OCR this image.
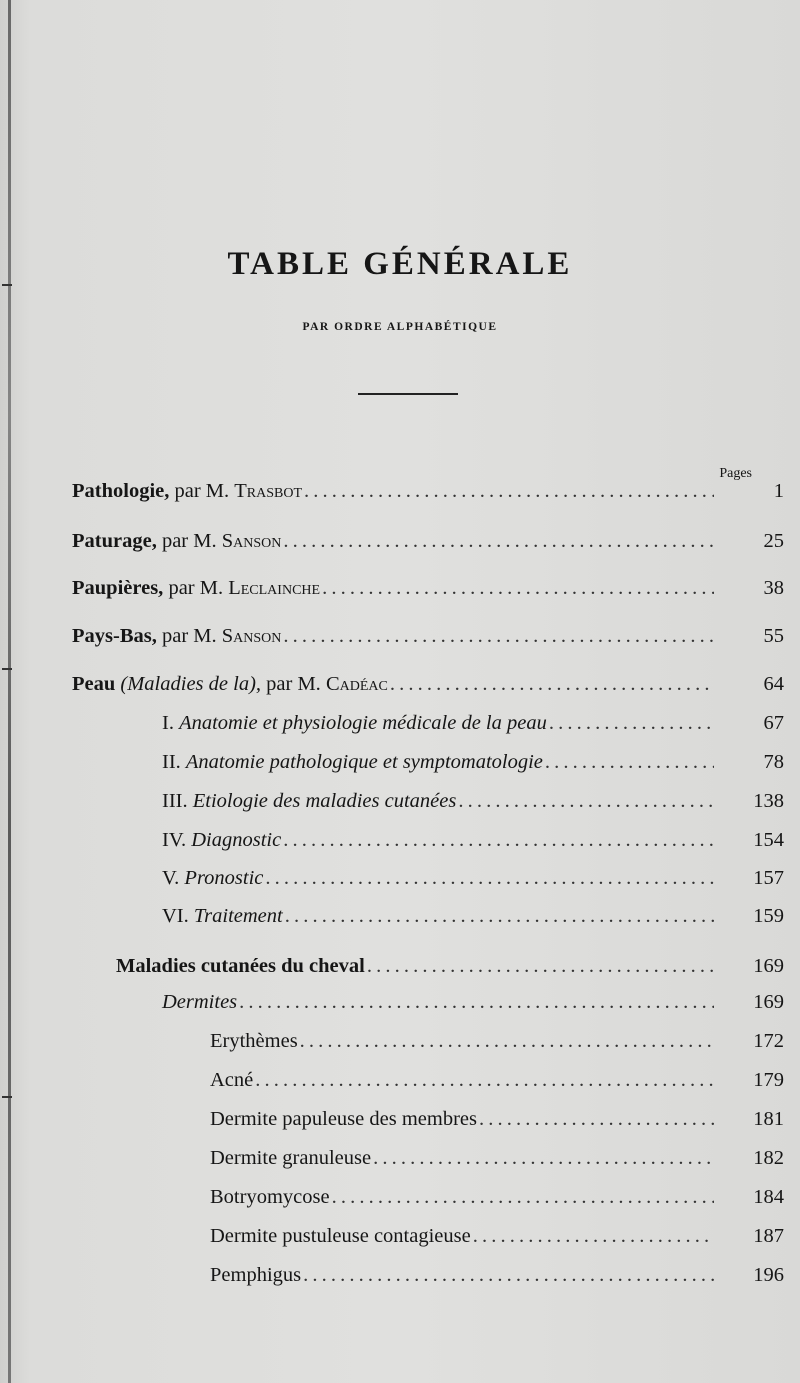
TABLE GÉNÉRALE
PAR ORDRE ALPHABÉTIQUE
Pages
Pathologie, par M. Trasbot . . .	1
Paturage, par M. Sanson . . .	25
Paupières, par M. Leclainche . . .	38
Pays-Bas, par M. Sanson . . .	55
Peau (Maladies de la), par M. Cadéac . . .	64
I. Anatomie et physiologie médicale de la peau . . .	67
II. Anatomie pathologique et symptomatologie . . .	78
III. Etiologie des maladies cutanées . . .	138
IV. Diagnostic . . .	154
V. Pronostic . . .	157
VI. Traitement . . .	159
Maladies cutanées du cheval . . .	169
Dermites . . .	169
Erythèmes . . .	172
Acné . . .	179
Dermite papuleuse des membres . . .	181
Dermite granuleuse . . .	182
Botryomycose . . .	184
Dermite pustuleuse contagieuse . . .	187
Pemphigus . . .	196
